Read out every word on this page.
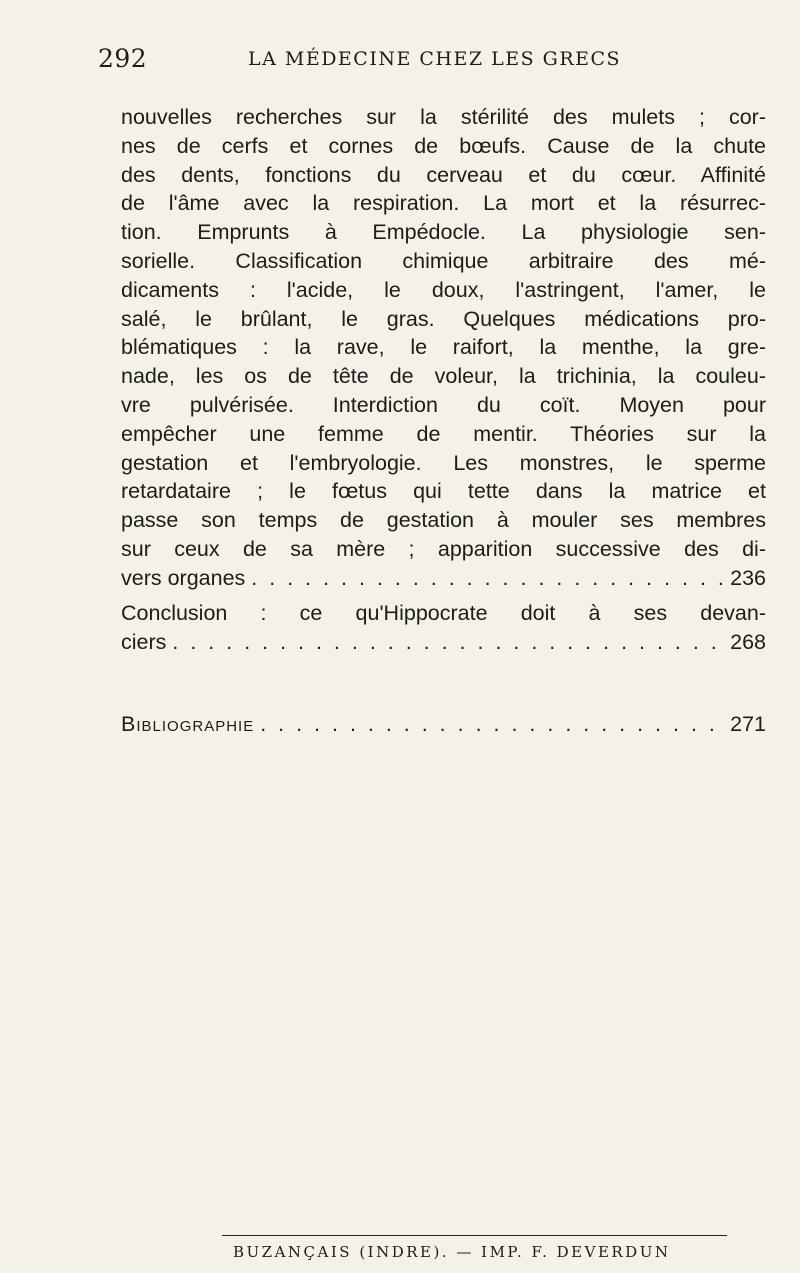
292	LA MÉDECINE CHEZ LES GRECS
nouvelles recherches sur la stérilité des mulets ; cor-
nes de cerfs et cornes de bœufs. Cause de la chute
des dents, fonctions du cerveau et du cœur. Affinité
de l'âme avec la respiration. La mort et la résurrec-
tion. Emprunts à Empédocle. La physiologie sen-
sorielle. Classification chimique arbitraire des mé-
dicaments : l'acide, le doux, l'astringent, l'amer, le
salé, le brûlant, le gras. Quelques médications pro-
blématiques : la rave, le raifort, la menthe, la gre-
nade, les os de tête de voleur, la trichinia, la couleu-
vre pulvérisée. Interdiction du coït. Moyen pour
empêcher une femme de mentir. Théories sur la
gestation et l'embryologie. Les monstres, le sperme
retardataire ; le fœtus qui tette dans la matrice et
passe son temps de gestation à mouler ses membres
sur ceux de sa mère ; apparition successive des di-
vers organes . . .	236
Conclusion : ce qu'Hippocrate doit à ses devan-
ciers . . .	268
Bibliographie . . .	271
BUZANÇAIS (INDRE). — IMP. F. DEVERDUN
